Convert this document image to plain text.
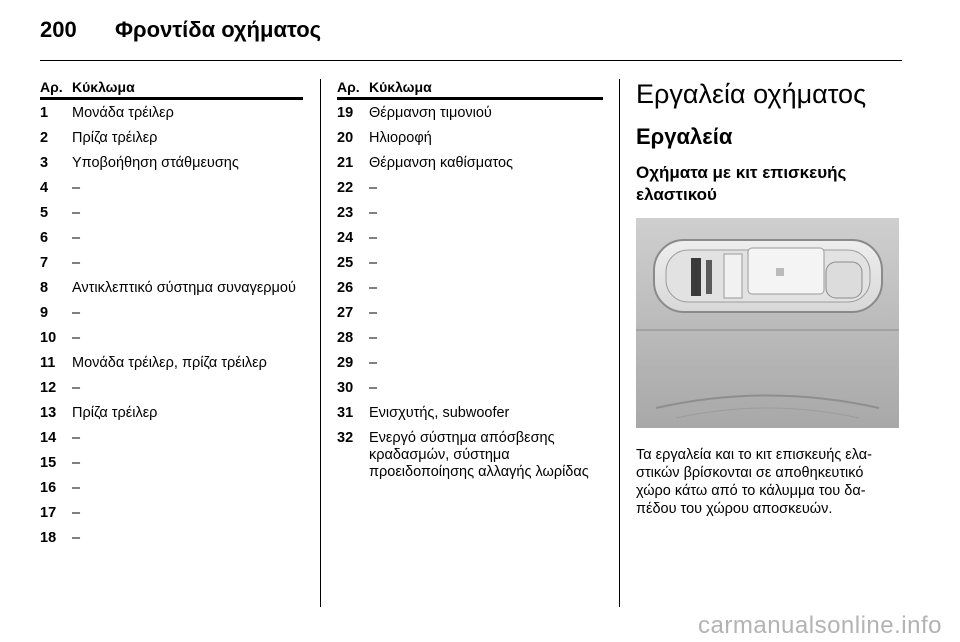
200 Φροντίδα οχήματος
Αρ. Κύκλωμα
1	Μονάδα τρέιλερ
2	Πρίζα τρέιλερ
3	Υποβοήθηση στάθμευσης
4	–
5	–
6	–
7	–
8	Αντικλεπτικό σύστημα συναγερμού
9	–
10	–
11	Μονάδα τρέιλερ, πρίζα τρέιλερ
12	–
13	Πρίζα τρέιλερ
14	–
15	–
16	–
17	–
18	–
Αρ. Κύκλωμα
19	Θέρμανση τιμονιού
20	Ηλιοροφή
21	Θέρμανση καθίσματος
22	–
23	–
24	–
25	–
26	–
27	–
28	–
29	–
30	–
31	Ενισχυτής, subwoofer
32	Ενεργό σύστημα απόσβεσης κραδασμών, σύστημα προειδοποίησης αλλαγής λωρίδας
Εργαλεία οχήματος
Εργαλεία
Οχήματα με κιτ επισκευής ελαστικού
Τα εργαλεία και το κιτ επισκευής ελα-στικών βρίσκονται σε αποθηκευτικό χώρο κάτω από το κάλυμμα του δα-πέδου του χώρου αποσκευών.
carmanualsonline.info
